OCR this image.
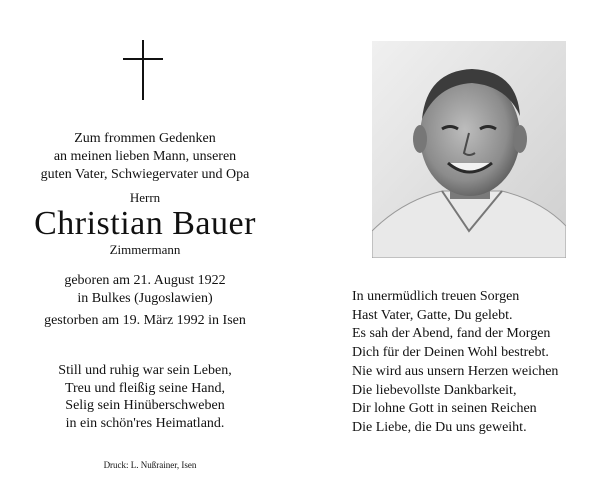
Zum frommen Gedenken
an meinen lieben Mann, unseren
guten Vater, Schwiegervater und Opa
Herrn
Christian Bauer
Zimmermann
geboren am 21. August 1922
in Bulkes (Jugoslawien)
gestorben am 19. März 1992 in Isen
Still und ruhig war sein Leben,
Treu und fleißig seine Hand,
Selig sein Hinüberschweben
in ein schön'res Heimatland.
Druck: L. Nußrainer, Isen
In unermüdlich treuen Sorgen
Hast Vater, Gatte, Du gelebt.
Es sah der Abend, fand der Morgen
Dich für der Deinen Wohl bestrebt.
Nie wird aus unsern Herzen weichen
Die liebevollste Dankbarkeit,
Dir lohne Gott in seinen Reichen
Die Liebe, die Du uns geweiht.
